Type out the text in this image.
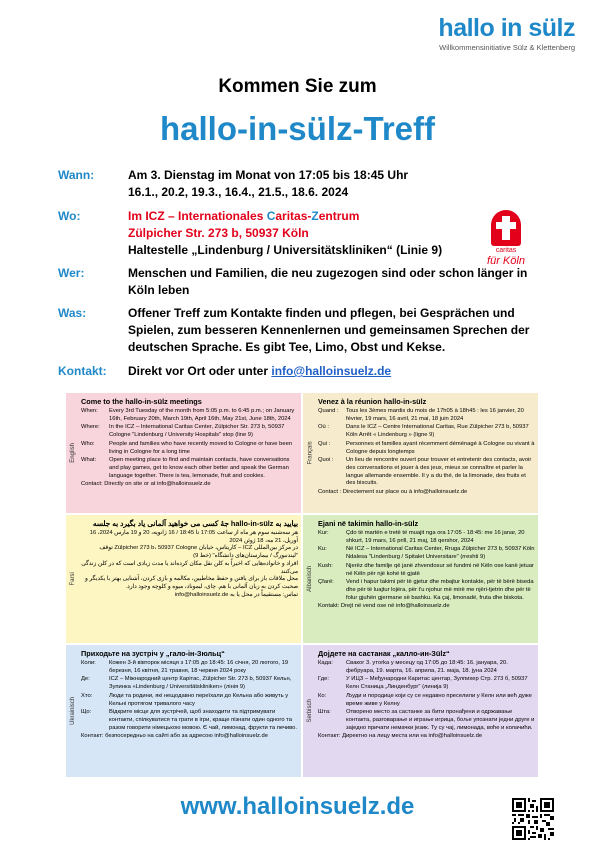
hallo in sülz
Willkommensinitiative Sülz & Klettenberg
Kommen Sie zum
hallo-in-sülz-Treff
Wann:	Am 3. Dienstag im Monat von 17:05 bis 18:45 Uhr
16.1., 20.2, 19.3., 16.4., 21.5., 18.6. 2024
Wo:	Im ICZ – Internationales Caritas-Zentrum
Zülpicher Str. 273 b, 50937 Köln
Haltestelle „Lindenburg / Universitätskliniken“ (Linie 9)
Wer:	Menschen und Familien, die neu zugezogen sind oder schon länger in Köln leben
Was:	Offener Treff zum Kontakte finden und pflegen, bei Gesprächen und Spielen, zum besseren Kennenlernen und gemeinsamen Sprechen der deutschen Sprache. Es gibt Tee, Limo, Obst und Kekse.
Kontakt: Direkt vor Ort oder unter info@halloinsuelz.de
caritas
für Köln
English
Come to the hallo-in-sülz meetings
When:	Every 3rd Tuesday of the month from 5:05 p.m. to 6:45 p.m.; on January 16th, February 20th, March 19th, April 16th, May 21st, June 18th, 2024
Where:	In the ICZ – International Caritas Center, Zülpicher Str. 273 b, 50937 Cologne "Lindenburg / University Hospitals" stop (line 9)
Who:	People and families who have recently moved to Cologne or have been living in Cologne for a long time
What:	Open meeting place to find and maintain contacts, have conversations and play games, get to know each other better and speak the German language together. There is tea, lemonade, fruit and cookies.
Contact: Directly on site or at info@halloinsuelz.de
Français
Venez à la réunion hallo-in-sülz
Quand :	Tous les 3èmes mardis du mois de 17h05 à 18h45 : les 16 janvier, 20 février, 19 mars, 16 avril, 21 mai, 18 juin 2024
Où :	Dans le ICZ – Centre International Caritas, Rue Zülpicher 273 b, 50937 Köln Arrêt « Lindenburg » (ligne 9)
Qui :	Personnes et familles ayant récemment déménagé à Cologne ou vivant à Cologne depuis longtemps
Quoi :	Un lieu de rencontre ouvert pour trouver et entretenir des contacts, avoir des conversations et jouer à des jeux, mieux se connaître et parler la langue allemande ensemble. Il y a du thé, de la limonade, des fruits et des biscuits.
Contact : Directement sur place ou à info@halloinsuelz.de
Farsi
بیایید به hallo-in-sülz جهٔ کسی می خواهید آلمانی یاد بگیرد به جلسه
هر سه‌شنبه سوم هر ماه از ساعت 17:05 تا 18:45 / 16 ژانویه، 20 و 19 مارس 2024، 16 آوریل، 21 مه، 18 ژوئن 2024
در مرکز بین‌المللی ICZ – کاریتاس، خیابان Zülpicher 273 b، 50937 Cologne توقف "لیندنبورگ / بیمارستان‌های دانشگاه" (خط 9)
افراد و خانواده‌هایی که اخیراً به کلن نقل مکان کرده‌اند یا مدت زیادی است که در کلن زندگی می‌کنند
محل ملاقات باز برای یافتن و حفظ مخاطبین، مکالمه و بازی کردن، آشنایی بهتر با یکدیگر و صحبت کردن به زبان آلمانی با هم. چای، لیموناد، میوه و کلوچه وجود دارد.
تماس: مستقیماً در محل یا به info@halloinsuelz.de
Albanisch
Ejani në takimin hallo-in-sülz
Kur:	Çdo të martën e tretë të muajit nga ora 17:05 - 18:45: me 16 janar, 20 shkurt, 19 mars, 16 prill, 21 maj, 18 qershor, 2024
Ku:	Në ICZ – International Caritas Center, Rruga Zülpicher 273 b, 50937 Köln Ndalesa "Lindenburg / Spitalet Universitare" (rreshti 9)
Kush:	Njerëz dhe familje që janë zhvendosur së fundmi në Këln ose kanë jetuar në Këln për një kohë të gjatë
Çfarë:	Vend i hapur takimi për të gjetur dhe mbajtur kontakte, për të bërë biseda dhe për të luajtur lojëra, për t'u njohur më mirë me njëri-tjetrin dhe për të folur gjuhën gjermane së bashku. Ka çaj, limonadë, fruta dhe biskota.
Kontakt: Drejt në vend ose në info@halloinsuelz.de
Ukrainisch
Приходьте на зустріч у „гало-ін-Зюльц“
Коли:	Кожен 3-й вівторок місяця з 17:05 до 18:45: 16 січня, 20 лютого, 19 березня, 16 квітня, 21 травня, 18 червня 2024 року
Де:	ICZ – Міжнародний центр Карітас, Zülpicher Str. 273 b, 50937 Кельн, Зупинка «Lindenburg / Universitätskliniken» (лінія 9)
Хто:	Люди та родини, які нещодавно переїхали до Кельна або живуть у Кельні протягом тривалого часу
Що:	Відкрите місце для зустрічей, щоб знаходити та підтримувати контакти, спілкуватися та грати в ігри, краще пізнати один одного та разом говорити німецькою мовою. Є чай, лимонад, фрукти та печиво.
Контакт: безпосередньо на сайті або за адресою info@halloinsuelz.de
Serbisch
Дојдете на састанак „калло-ин-Зülz“
Када:	Сваког 3. утorka у месецу од 17:05 до 18:45: 16. јануара, 20. фебруара, 19. марта, 16. априла, 21. маја, 18. јуна 2024
Где:	У ИЦЗ – Међународни Каритас центар, Зулпихер Стр. 273 б, 50937 Келн Станица „Линденбург“ (линија 9)
Ко:	Људи и породице који су се недавно преселили у Келн или већ дуже време живе у Келну
Шта:	Отворено место за састанке за бити пронађени и одржавање контакта, разговарање и играње игрица, боље упознати једни друге и заједно причати немачки језик. Ту су чај, лимонада, воће и колачићи.
Контакт: Директно на лицу места или на info@halloinsuelz.de
www.halloinsuelz.de
